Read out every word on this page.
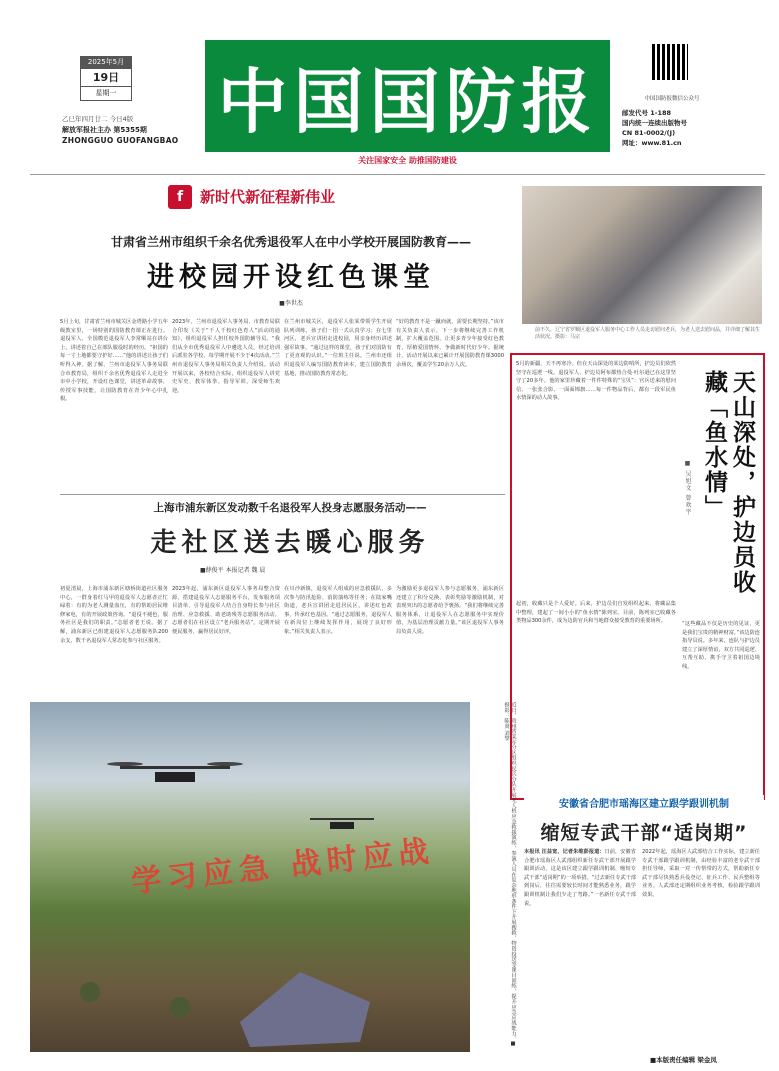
2025年5月
19日
星期一
乙巳年四月廿二 今日4版
解放军报社主办 第5355期
ZHONGGUO GUOFANGBAO 中国国防报
关注国家安全 助推国防建设
中国国防报微信公众号
邮发代号 1-188
国内统一连续出版物号
CN 81-0002/(J)
网址：www.81.cn
f	新时代新征程新伟业
甘肃省兰州市组织千余名优秀退役军人在中小学校开展国防教育——
进校园开设红色课堂
■李世杰
5月上旬，甘肃省兰州市城关区金塔路小学五年级教室里，一场特别的国防教育课正在进行。退役军人、全国模范退役军人李常顺站在讲台上，讲述着自己在部队服役时的经历。“祖国的每一寸土地都要守护好……”他的讲述让孩子们听得入神。据了解，兰州市退役军人事务局联合市教育局，组织千余名优秀退役军人走进全市中小学校，开设红色课堂，讲述革命故事、传授军事技能，让国防教育在青少年心中扎根。
2023年，兰州市退役军人事务局、市教育局联合印发《关于“千人千校红色育人”活动的通知》，组织退役军人担任校外国防辅导员。“我们从全市优秀退役军人中遴选人员，经过培训后派驻各学校，每学期开展不少于4次活动。”兰州市退役军人事务局相关负责人介绍说。活动开展以来，各校结合实际，组织退役军人讲党史军史、教军体拳、指导军训，深受师生欢迎。
在兰州市城关区，退役军人张某带领学生开展队列训练，孩子们一招一式认真学习；在七里河区，老兵宣讲团走进校园，用亲身经历讲述强军故事。“通过这样的课堂，孩子们对国防有了更直观的认识。”一位班主任说。兰州市还组织退役军人编写国防教育读本，建立国防教育基地，推动国防教育常态化。
“好的教育不是一蹴而就，需要长期坚持。”该市有关负责人表示，下一步将继续完善工作机制，扩大覆盖范围，让更多青少年接受红色教育，厚植爱国情怀，争做新时代好少年。据统计，活动开展以来已累计开展国防教育课3000余场次，覆盖学生20余万人次。
前不久，辽宁省罗顺区退役军人服务中心工作人员走访慰问老兵，为老人送去慰问品，并详细了解其生活状况。摄影：马宗
5月的新疆，天不再寒冷。但在天山深处的某边防哨所，护边员们依然坚守在巡逻一线。退役军人、护边员阿布都热合曼·吐尔逊已在这里坚守了20多年。他的家里珍藏着一件件特殊的“宝贝”：官兵送来的慰问信、一张张合影、一面面锦旗……每一件物品背后，都有一段军民鱼水情深的动人故事。
起初，收藏只是个人爱好。后来，护边员们自发组织起来，将藏品集中整理，建起了一间小小的“鱼水情”陈列室。目前，陈列室已收藏各类物品300余件，成为边防官兵和当地群众接受教育的重要场所。
天山深处，护边员收藏「鱼水情」
■ 吴旭文 曾欢宇
“这些藏品不仅是历史的见证，更是我们宝贵的精神财富。”该边防连指导员说。多年来，连队与护边员建立了深厚情谊，双方共同巡逻、互帮互助，携手守卫着祖国边境线。
上海市浦东新区发动数千名退役军人投身志愿服务活动——
走社区送去暖心服务
■薛俊平 本报记者 魏 晨
初夏清晨，上海市浦东新区塘桥街道社区服务中心，一群身着红马甲的退役军人志愿者正忙碌着：有的为老人测量血压，有的帮助居民维修家电，有的开展政策咨询。“退役不褪色，服务社区是我们的职责。”志愿者老王说。据了解，浦东新区已组建退役军人志愿服务队200余支，数千名退役军人常态化参与社区服务。
2023年起，浦东新区退役军人事务局整合资源，搭建退役军人志愿服务平台，发布服务项目清单，引导退役军人结合自身特长参与社区治理、应急救援、助老助残等志愿服务活动。志愿者们在社区设立“老兵服务站”，定期开展便民服务，赢得居民好评。
在川沙新镇，退役军人组成的应急救援队，多次参与防汛抢险、消防演练等任务；在陆家嘴街道，老兵宣讲团走进居民区，讲述红色故事，传承红色基因。“通过志愿服务，退役军人在新岗位上继续发挥作用，展现了良好形象。”相关负责人表示。
为激励更多退役军人参与志愿服务，浦东新区还建立了积分兑换、表彰奖励等激励机制，对表现突出的志愿者给予褒扬。“我们将继续完善服务体系，让退役军人在志愿服务中实现价值，为基层治理贡献力量。”该区退役军人事务局负责人说。
学习应急 战时应战	近日，贵州省某军分区组织民兵分队开展无人机应急救援演练，参演人员在复杂地形条件下开展搜救、物资投送等课目训练，提升应急应战能力。■ 摄影：陈贤 刘黎
安徽省合肥市瑶海区建立跟学跟训机制
缩短专武干部“适岗期”
本报讯 汪益宽、记者朱维彭报道：日前，安徽省合肥市瑶海区人武部组织新任专武干部开展跟学跟训活动，这是该区建立跟学跟训机制、缩短专武干部“适岗期”的一项举措。“过去新任专武干部到岗后，往往需要较长时间才能熟悉业务，跟学跟训机制让我们少走了弯路。”一名新任专武干部说。
2022年起，瑶海区人武部结合工作实际，建立新任专武干部跟学跟训机制，由经验丰富的老专武干部担任导师，采取一对一传帮带的方式，帮助新任专武干部尽快熟悉兵役登记、征兵工作、民兵整组等业务。人武部还定期组织业务考核，检验跟学跟训效果。
■本版责任编辑 梁金凤
